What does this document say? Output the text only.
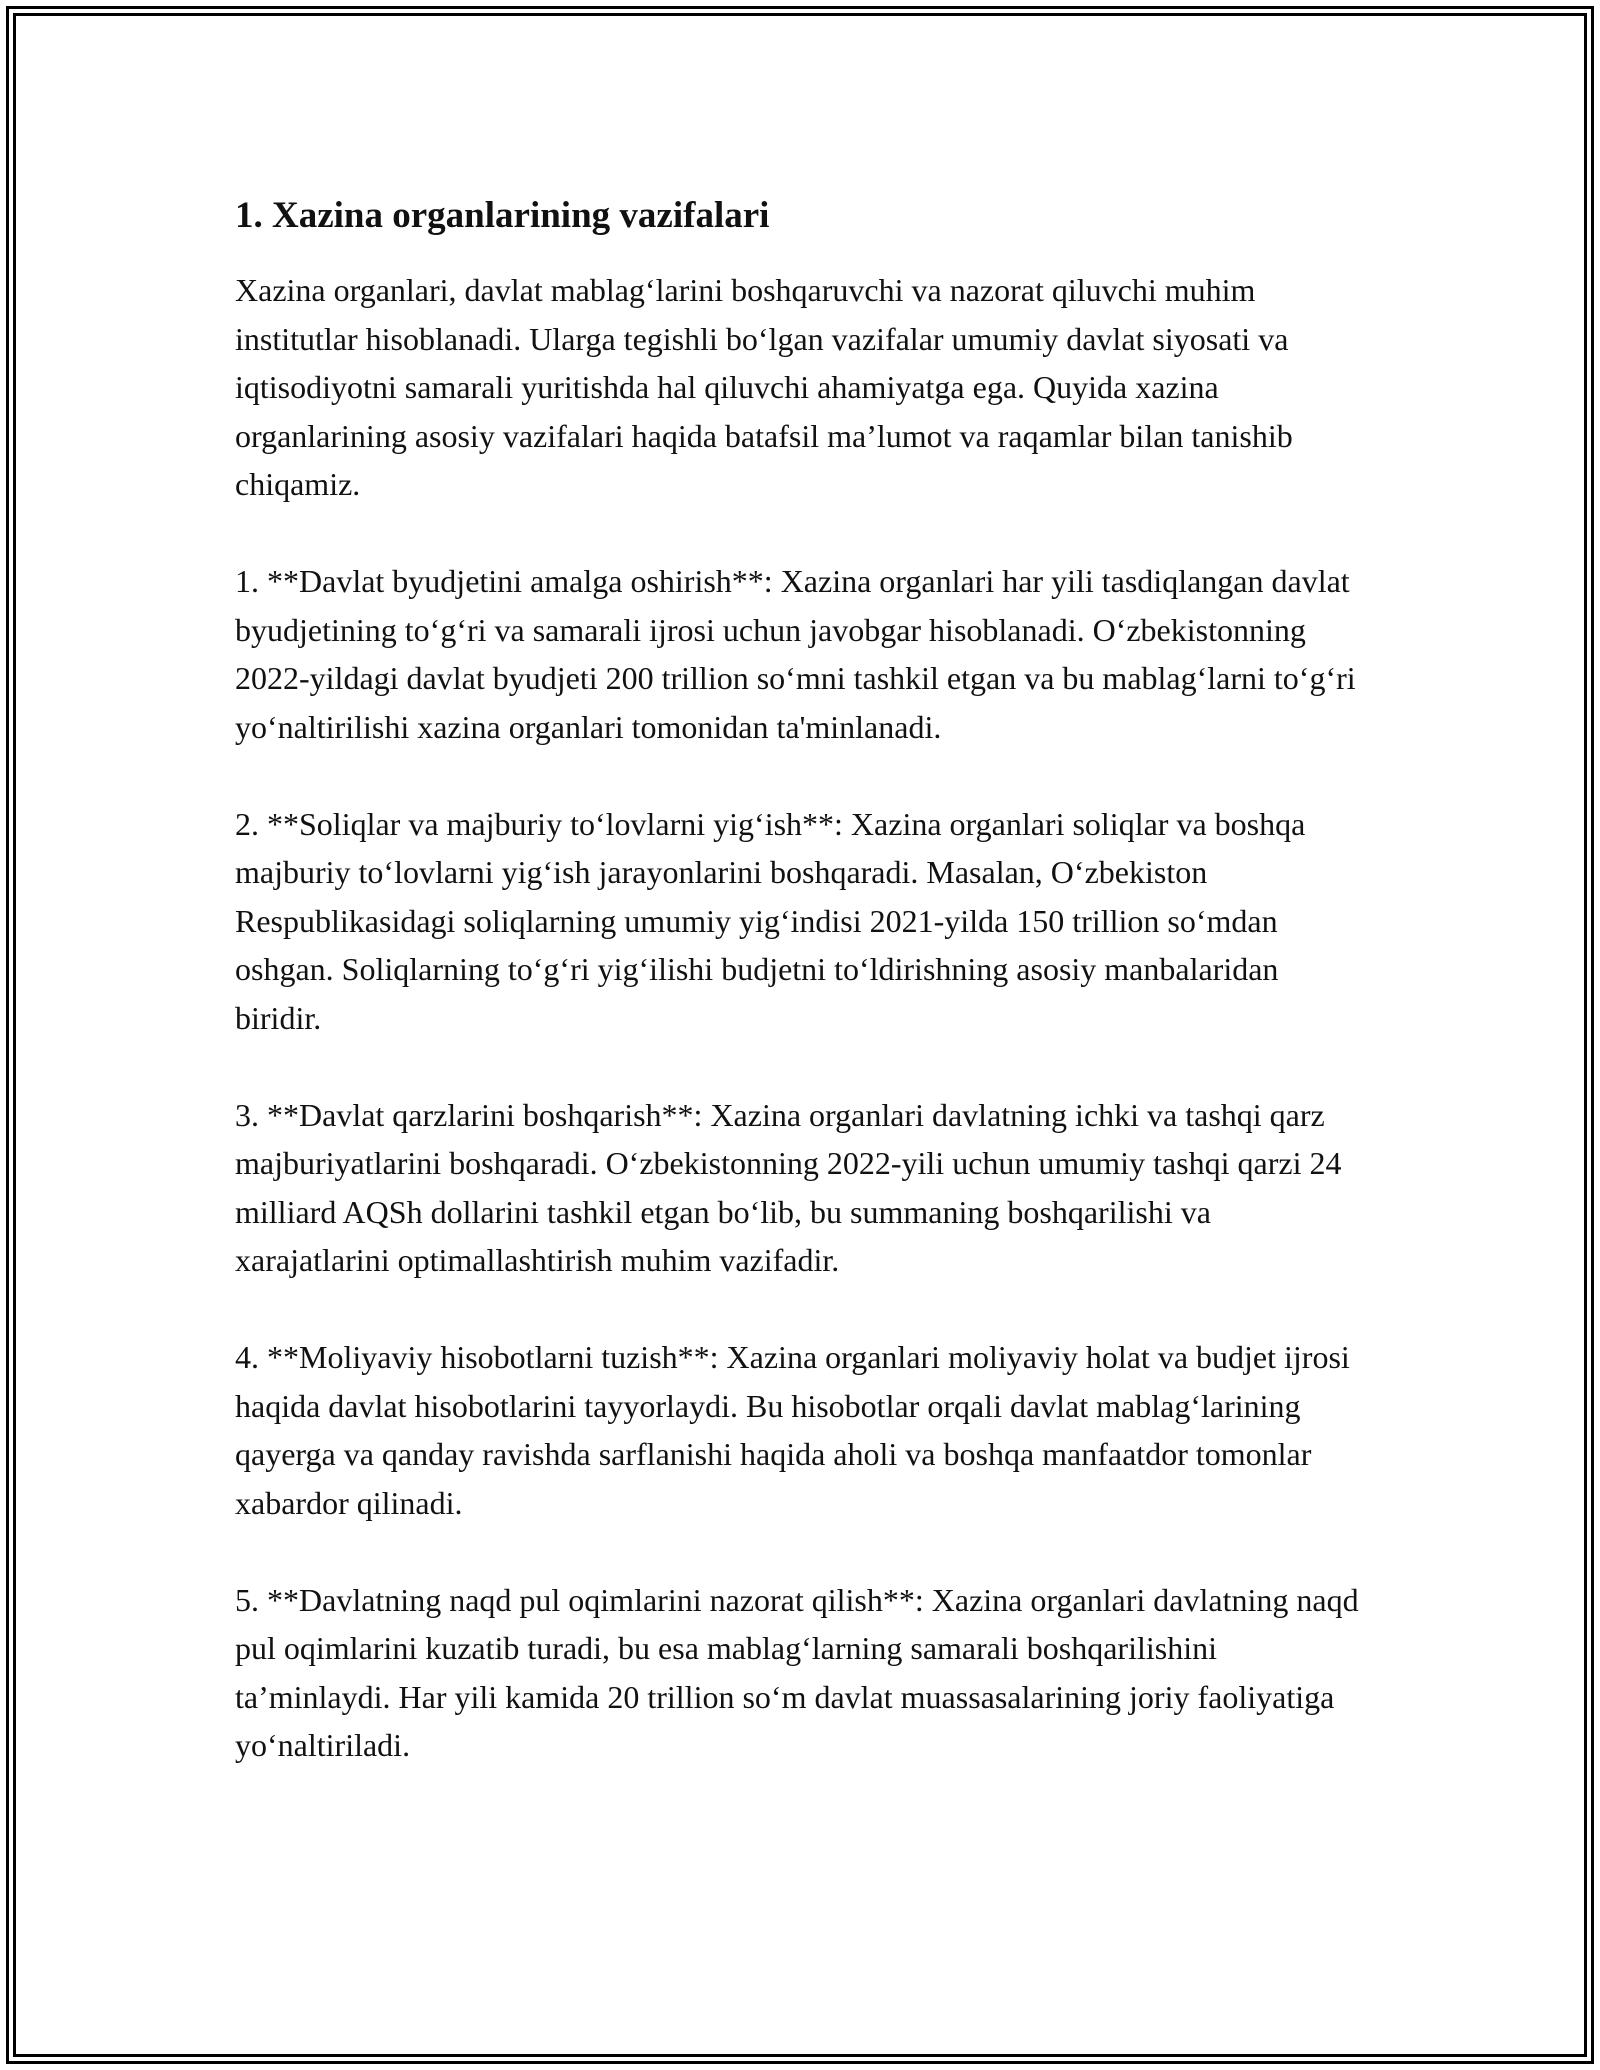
1. Xazina organlarining vazifalari

Xazina organlari, davlat mablag‘larini boshqaruvchi va nazorat qiluvchi muhim institutlar hisoblanadi. Ularga tegishli bo‘lgan vazifalar umumiy davlat siyosati va iqtisodiyotni samarali yuritishda hal qiluvchi ahamiyatga ega. Quyida xazina organlarining asosiy vazifalari haqida batafsil ma’lumot va raqamlar bilan tanishib chiqamiz.

1. **Davlat byudjetini amalga oshirish**: Xazina organlari har yili tasdiqlangan davlat byudjetining to‘g‘ri va samarali ijrosi uchun javobgar hisoblanadi. O‘zbekistonning 2022-yildagi davlat byudjeti 200 trillion so‘mni tashkil etgan va bu mablag‘larni to‘g‘ri yo‘naltirilishi xazina organlari tomonidan ta'minlanadi.

2. **Soliqlar va majburiy to‘lovlarni yig‘ish**: Xazina organlari soliqlar va boshqa majburiy to‘lovlarni yig‘ish jarayonlarini boshqaradi. Masalan, O‘zbekiston Respublikasidagi soliqlarning umumiy yig‘indisi 2021-yilda 150 trillion so‘mdan oshgan. Soliqlarning to‘g‘ri yig‘ilishi budjetni to‘ldirishning asosiy manbalaridan biridir.

3. **Davlat qarzlarini boshqarish**: Xazina organlari davlatning ichki va tashqi qarz majburiyatlarini boshqaradi. O‘zbekistonning 2022-yili uchun umumiy tashqi qarzi 24 milliard AQSh dollarini tashkil etgan bo‘lib, bu summaning boshqarilishi va xarajatlarini optimallashtirish muhim vazifadir.

4. **Moliyaviy hisobotlarni tuzish**: Xazina organlari moliyaviy holat va budjet ijrosi haqida davlat hisobotlarini tayyorlaydi. Bu hisobotlar orqali davlat mablag‘larining qayerga va qanday ravishda sarflanishi haqida aholi va boshqa manfaatdor tomonlar xabardor qilinadi.

5. **Davlatning naqd pul oqimlarini nazorat qilish**: Xazina organlari davlatning naqd pul oqimlarini kuzatib turadi, bu esa mablag‘larning samarali boshqarilishini ta’minlaydi. Har yili kamida 20 trillion so‘m davlat muassasalarining joriy faoliyatiga yo‘naltiriladi.
